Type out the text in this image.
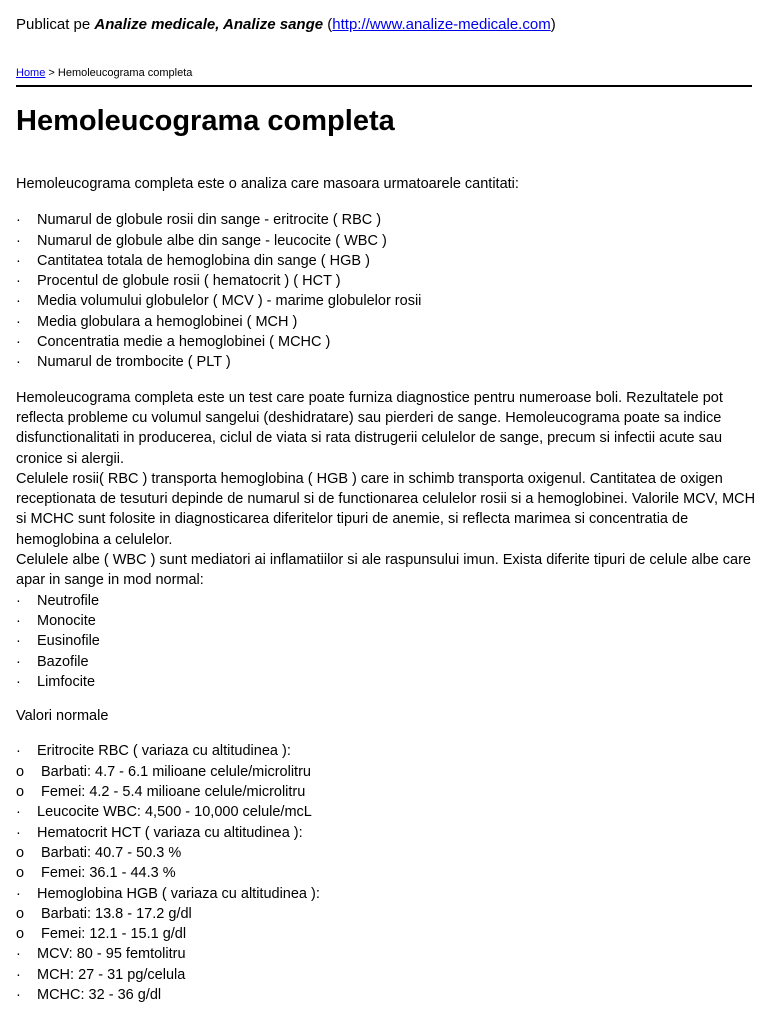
Publicat pe Analize medicale, Analize sange (http://www.analize-medicale.com)
Home > Hemoleucograma completa
Hemoleucograma completa

Hemoleucograma completa este o analiza care masoara urmatoarele cantitati:

·	Numarul de globule rosii din sange - eritrocite ( RBC )
·	Numarul de globule albe din sange - leucocite ( WBC )
·	Cantitatea totala de hemoglobina din sange ( HGB )
·	Procentul de globule rosii ( hematocrit ) ( HCT )
·	Media volumului globulelor ( MCV ) - marime globulelor rosii
·	Media globulara a hemoglobinei ( MCH )
·	Concentratia medie a hemoglobinei ( MCHC )
·	Numarul de trombocite ( PLT )

Hemoleucograma completa este un test care poate furniza diagnostice pentru numeroase boli. Rezultatele pot reflecta probleme cu volumul sangelui (deshidratare) sau pierderi de sange. Hemoleucograma poate sa indice disfunctionalitati in producerea, ciclul de viata si rata distrugerii celulelor de sange, precum si infectii acute sau cronice si alergii.

Celulele rosii( RBC ) transporta hemoglobina ( HGB ) care in schimb transporta oxigenul. Cantitatea de oxigen receptionata de tesuturi depinde de numarul si de functionarea celulelor rosii si a hemoglobinei. Valorile MCV, MCH si MCHC sunt folosite in diagnosticarea diferitelor tipuri de anemie, si reflecta marimea si concentratia de hemoglobina a celulelor.

Celulele albe ( WBC ) sunt mediatori ai inflamatiilor si ale raspunsului imun. Exista diferite tipuri de celule albe care apar in sange in mod normal:

·	Neutrofile
·	Monocite
·	Eusinofile
·	Bazofile
·	Limfocite

Valori normale

·	Eritrocite RBC ( variaza cu altitudinea ):
o	Barbati: 4.7 - 6.1 milioane celule/microlitru
o	Femei: 4.2 - 5.4 milioane celule/microlitru
·	Leucocite WBC: 4,500 - 10,000 celule/mcL
·	Hematocrit HCT ( variaza cu altitudinea ):
o	Barbati: 40.7 - 50.3 %
o	Femei: 36.1 - 44.3 %
·	Hemoglobina HGB ( variaza cu altitudinea ):
o	Barbati: 13.8 - 17.2 g/dl
o	Femei: 12.1 - 15.1 g/dl
·	MCV: 80 - 95 femtolitru
·	MCH: 27 - 31 pg/celula
·	MCHC: 32 - 36 g/dl
